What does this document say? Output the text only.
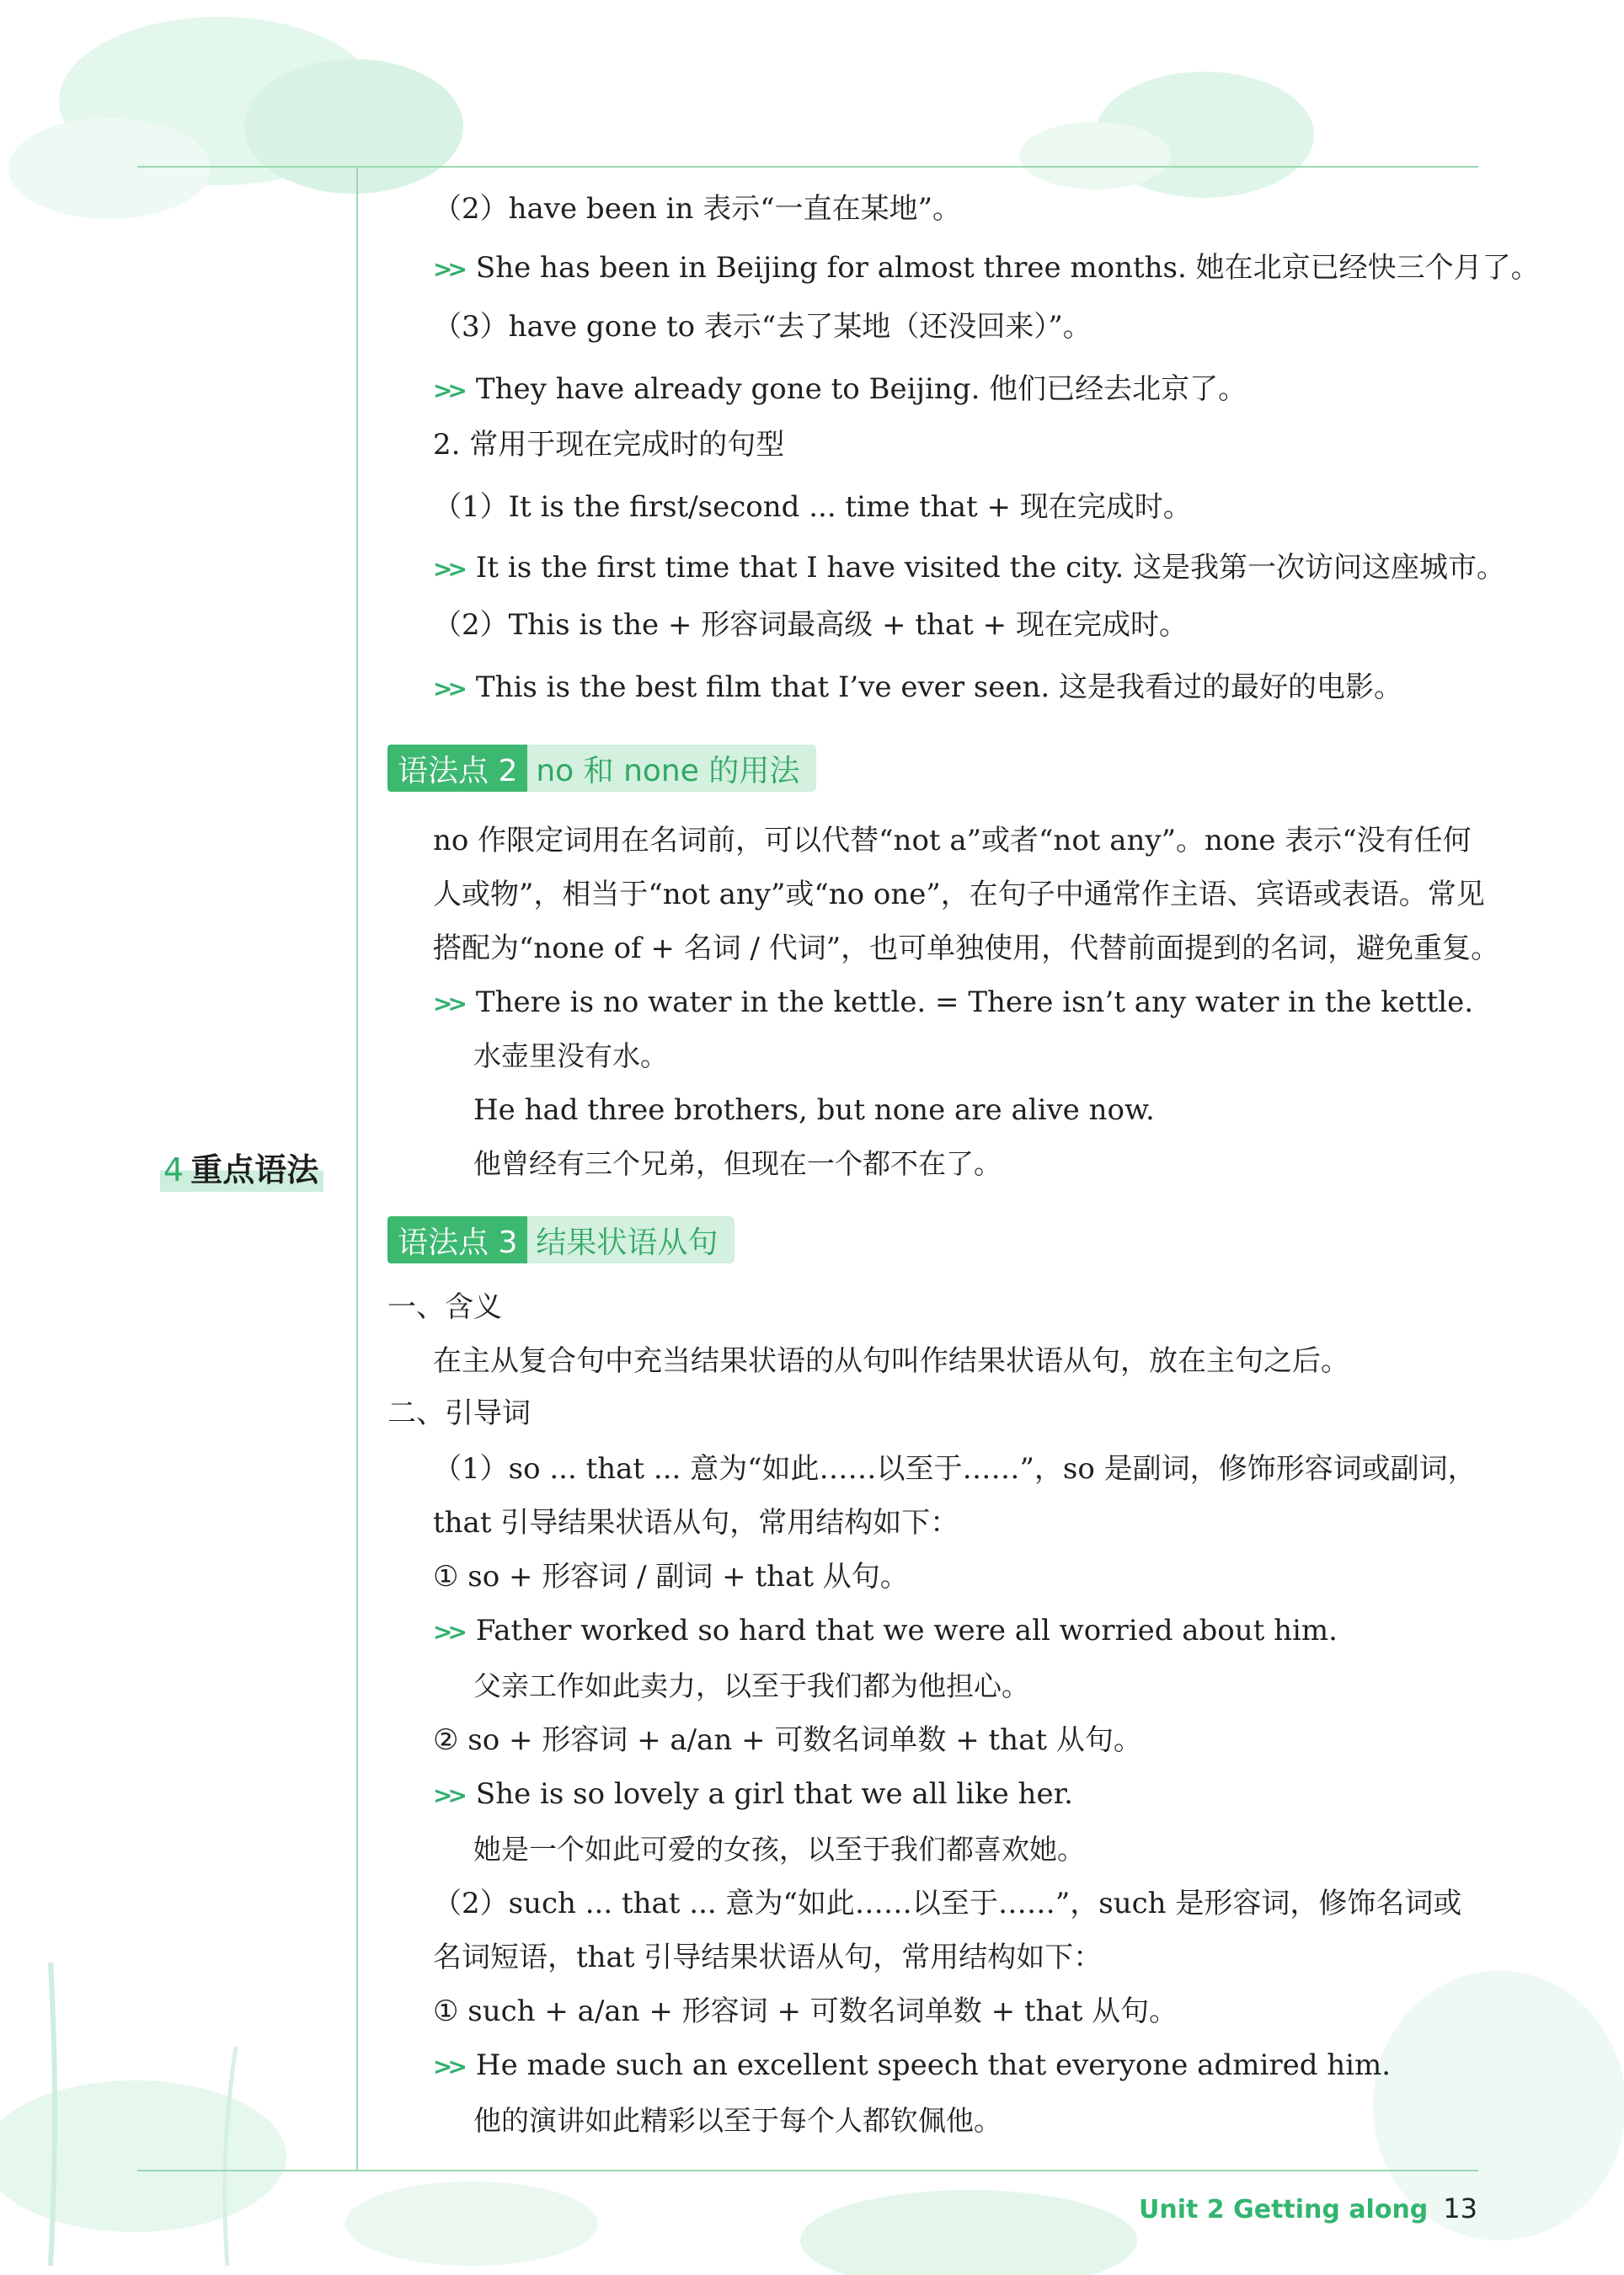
4 重点语法
（2）have been in 表示“一直在某地”。
>> She has been in Beijing for almost three months. 她在北京已经快三个月了。
（3）have gone to 表示“去了某地（还没回来）”。
>> They have already gone to Beijing. 他们已经去北京了。
2. 常用于现在完成时的句型
（1）It is the first/second ... time that + 现在完成时。
>> It is the first time that I have visited the city. 这是我第一次访问这座城市。
（2）This is the + 形容词最高级 + that + 现在完成时。
>> This is the best film that I’ve ever seen. 这是我看过的最好的电影。
语法点 2 no 和 none 的用法
no 作限定词用在名词前，可以代替“not a”或者“not any”。none 表示“没有任何
人或物”，相当于“not any”或“no one”，在句子中通常作主语、宾语或表语。常见
搭配为“none of + 名词 / 代词”，也可单独使用，代替前面提到的名词，避免重复。
>> There is no water in the kettle. = There isn’t any water in the kettle.
水壶里没有水。
He had three brothers, but none are alive now.
他曾经有三个兄弟，但现在一个都不在了。
语法点 3 结果状语从句
一、含义
在主从复合句中充当结果状语的从句叫作结果状语从句，放在主句之后。
二、引导词
（1）so ... that ... 意为“如此……以至于……”，so 是副词，修饰形容词或副词，
that 引导结果状语从句，常用结构如下：
① so + 形容词 / 副词 + that 从句。
>> Father worked so hard that we were all worried about him.
父亲工作如此卖力，以至于我们都为他担心。
② so + 形容词 + a/an + 可数名词单数 + that 从句。
>> She is so lovely a girl that we all like her.
她是一个如此可爱的女孩，以至于我们都喜欢她。
（2）such ... that ... 意为“如此……以至于……”，such 是形容词，修饰名词或
名词短语，that 引导结果状语从句，常用结构如下：
① such + a/an + 形容词 + 可数名词单数 + that 从句。
>> He made such an excellent speech that everyone admired him.
他的演讲如此精彩以至于每个人都钦佩他。
Unit 2 Getting along 13
